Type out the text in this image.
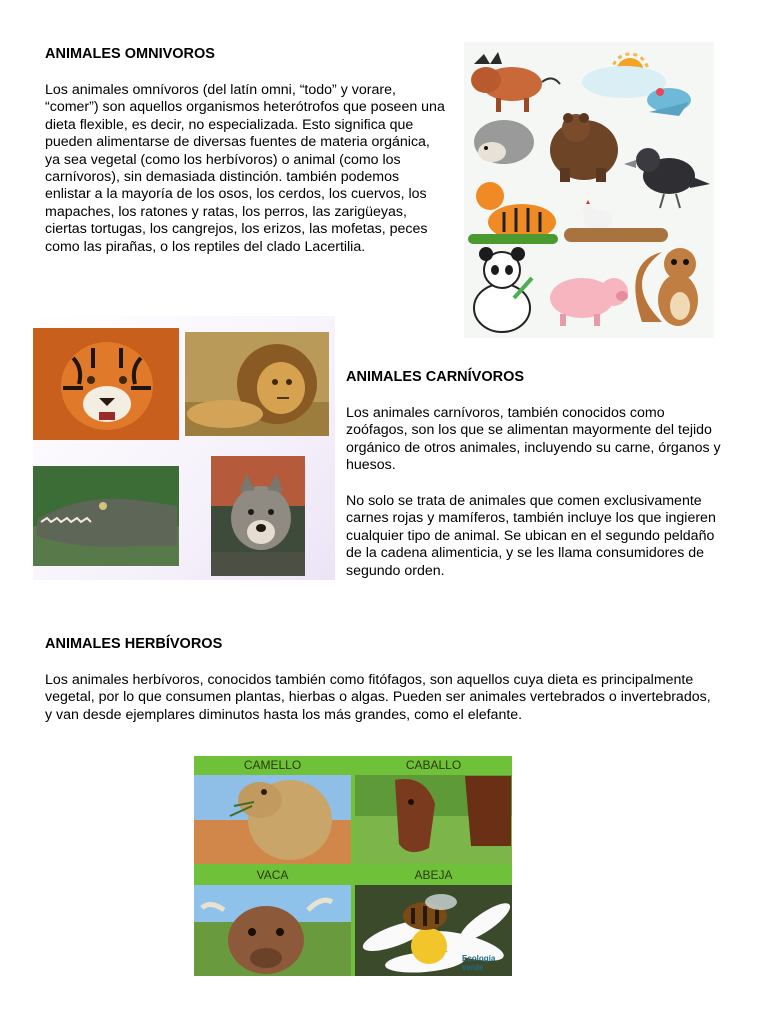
ANIMALES OMNIVOROS

Los animales omnívoros (del latín omni, “todo” y vorare, “comer”) son aquellos organismos heterótrofos que poseen una dieta flexible, es decir, no especializada. Esto significa que pueden alimentarse de diversas fuentes de materia orgánica, ya sea vegetal (como los herbívoros) o animal (como los carnívoros), sin demasiada distinción. también podemos enlistar a la mayoría de los osos, los cerdos, los cuervos, los mapaches, los ratones y ratas, los perros, las zarigüeyas, ciertas tortugas, los cangrejos, los erizos, las mofetas, peces como las pirañas, o los reptiles del clado Lacertilia.

ANIMALES CARNÍVOROS

Los animales carnívoros, también conocidos como zoófagos, son los que se alimentan mayormente del tejido orgánico de otros animales, incluyendo su carne, órganos y huesos.

No solo se trata de animales que comen exclusivamente carnes rojas y mamíferos, también incluye los que ingieren cualquier tipo de animal. Se ubican en el segundo peldaño de la cadena alimenticia, y se les llama consumidores de segundo orden.

ANIMALES HERBÍVOROS

Los animales herbívoros, conocidos también como fitófagos, son aquellos cuya dieta es principalmente vegetal, por lo que consumen plantas, hierbas o algas. Pueden ser animales vertebrados o invertebrados, y van desde ejemplares diminutos hasta los más grandes, como el elefante.

CAMELLO	CABALLO
VACA	ABEJA
Ecología verde
